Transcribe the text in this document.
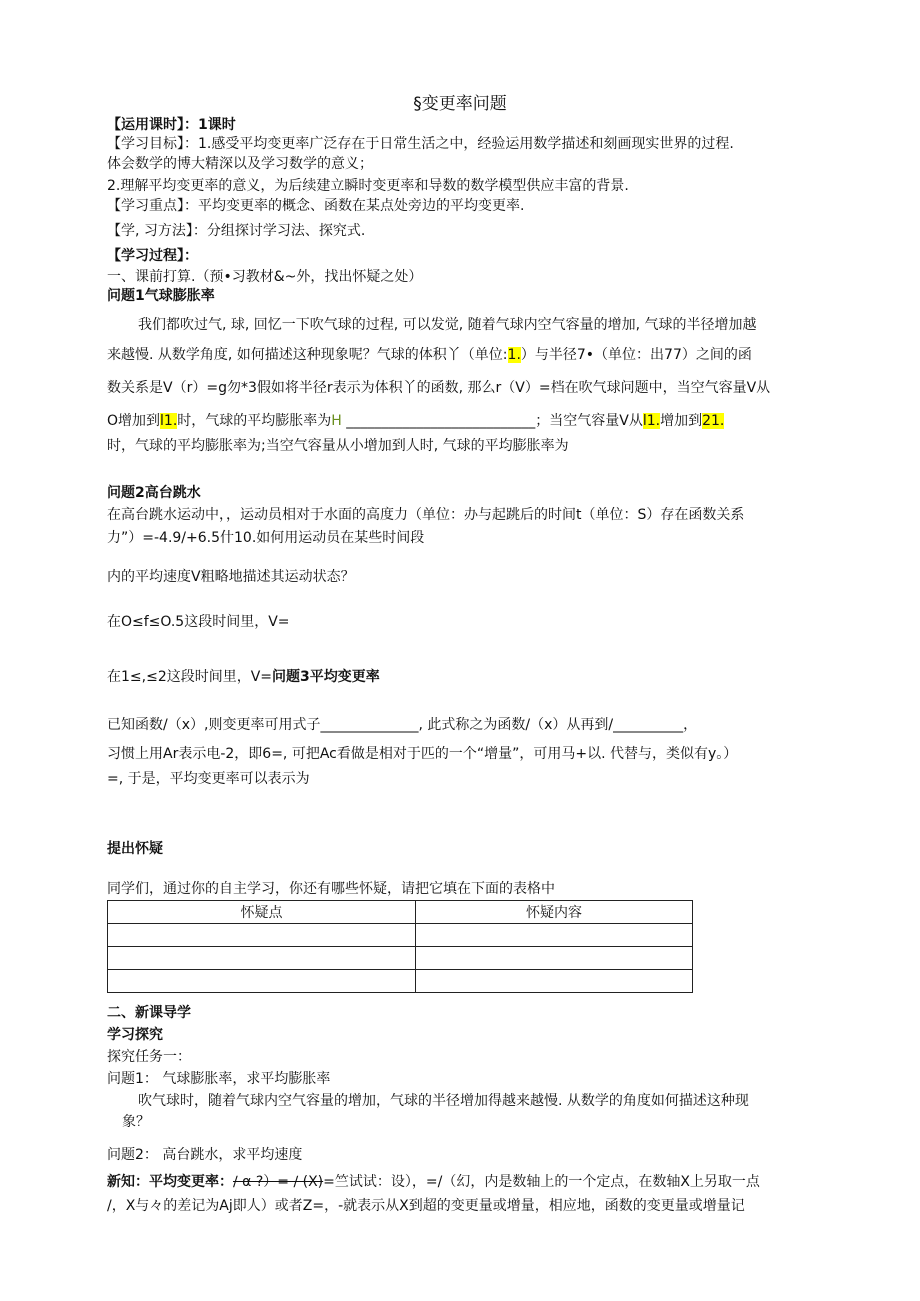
§变更率问题
【运用课时】：1课时
【学习目标】：1.感受平均变更率广泛存在于日常生活之中，经验运用数学描述和刻画现实世界的过程.
体会数学的博大精深以及学习数学的意义；
2.理解平均变更率的意义，为后续建立瞬时变更率和导数的数学模型供应丰富的背景.
【学习重点】：平均变更率的概念、函数在某点处旁边的平均变更率.
【学, 习方法】：分组探讨学习法、探究式.
【学习过程】：
一、课前打算.（预•习教材&~外，找出怀疑之处）
问题1气球膨胀率
我们都吹过气, 球, 回忆一下吹气球的过程, 可以发觉, 随着气球内空气容量的增加, 气球的半径增加越
来越慢. 从数学角度, 如何描述这种现象呢？气球的体积丫（单位:1.）与半径7•（单位：出77）之间的函
数关系是V（r）=g勿*3假如将半径r表示为体积丫的函数, 那么r（V）=档在吹气球问题中，当空气容量V从
O增加到l1.时，气球的平均膨胀率为H ___________________________；当空气容量V从l1.增加到21.
时，气球的平均膨胀率为;当空气容量从小增加到人时, 气球的平均膨胀率为
问题2高台跳水
在高台跳水运动中，，运动员相对于水面的高度力（单位：办与起跳后的时间t（单位：S）存在函数关系
力”）=-4.9/+6.5什10.如何用运动员在某些时间段
内的平均速度V粗略地描述其运动状态？
在O≤f≤O.5这段时间里，V=
在1≤,≤2这段时间里，V=问题3平均变更率
已知函数/（x）,则变更率可用式子______________, 此式称之为函数/（x）从再到/__________，
习惯上用Ar表示电-2，即6=, 可把Ac看做是相对于匹的一个“增量”，可用马+以. 代替与，类似有y。）
=, 于是，平均变更率可以表示为
提出怀疑
同学们，通过你的自主学习，你还有哪些怀疑，请把它填在下面的表格中
怀疑点	怀疑内容

二、新课导学
学习探究
探究任务一：
问题1： 气球膨胀率，求平均膨胀率
吹气球时，随着气球内空气容量的增加，气球的半径增加得越来越慢. 从数学的角度如何描述这种现
象？
问题2： 高台跳水，求平均速度
新知：平均变更率：∕ α ?）= ∕ (X)=竺试试：设），=/（幻，内是数轴上的一个定点，在数轴X上另取一点
/，X与々的差记为Aj即人）或者Z=，-就表示从X到超的变更量或增量，相应地，函数的变更量或增量记
